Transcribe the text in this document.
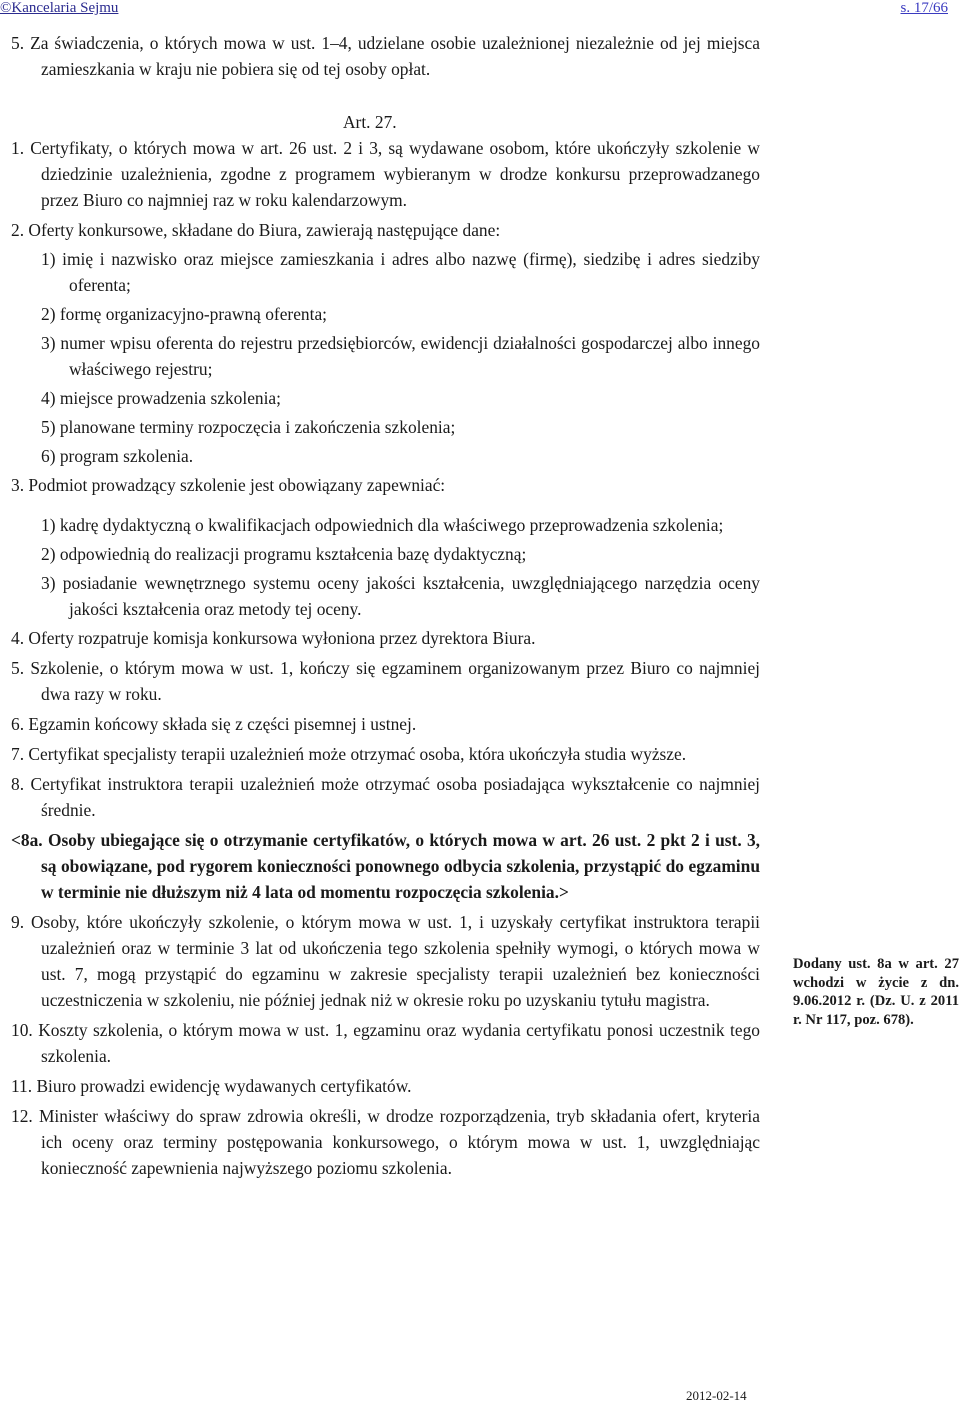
©Kancelaria Sejmu	s. 17/66
5. Za świadczenia, o których mowa w ust. 1–4, udzielane osobie uzależnionej niezależnie od jej miejsca zamieszkania w kraju nie pobiera się od tej osoby opłat.
Art. 27.
1. Certyfikaty, o których mowa w art. 26 ust. 2 i 3, są wydawane osobom, które ukończyły szkolenie w dziedzinie uzależnienia, zgodne z programem wybieranym w drodze konkursu przeprowadzanego przez Biuro co najmniej raz w roku kalendarzowym.
2. Oferty konkursowe, składane do Biura, zawierają następujące dane:
1) imię i nazwisko oraz miejsce zamieszkania i adres albo nazwę (firmę), siedzibę i adres siedziby oferenta;
2) formę organizacyjno-prawną oferenta;
3) numer wpisu oferenta do rejestru przedsiębiorców, ewidencji działalności gospodarczej albo innego właściwego rejestru;
4) miejsce prowadzenia szkolenia;
5) planowane terminy rozpoczęcia i zakończenia szkolenia;
6) program szkolenia.
3. Podmiot prowadzący szkolenie jest obowiązany zapewniać:
1) kadrę dydaktyczną o kwalifikacjach odpowiednich dla właściwego przeprowadzenia szkolenia;
2) odpowiednią do realizacji programu kształcenia bazę dydaktyczną;
3) posiadanie wewnętrznego systemu oceny jakości kształcenia, uwzględniającego narzędzia oceny jakości kształcenia oraz metody tej oceny.
4. Oferty rozpatruje komisja konkursowa wyłoniona przez dyrektora Biura.
5. Szkolenie, o którym mowa w ust. 1, kończy się egzaminem organizowanym przez Biuro co najmniej dwa razy w roku.
6. Egzamin końcowy składa się z części pisemnej i ustnej.
7. Certyfikat specjalisty terapii uzależnień może otrzymać osoba, która ukończyła studia wyższe.
8. Certyfikat instruktora terapii uzależnień może otrzymać osoba posiadająca wykształcenie co najmniej średnie.
<8a. Osoby ubiegające się o otrzymanie certyfikatów, o których mowa w art. 26 ust. 2 pkt 2 i ust. 3, są obowiązane, pod rygorem konieczności ponownego odbycia szkolenia, przystąpić do egzaminu w terminie nie dłuższym niż 4 lata od momentu rozpoczęcia szkolenia.>
9. Osoby, które ukończyły szkolenie, o którym mowa w ust. 1, i uzyskały certyfikat instruktora terapii uzależnień oraz w terminie 3 lat od ukończenia tego szkolenia spełniły wymogi, o których mowa w ust. 7, mogą przystąpić do egzaminu w zakresie specjalisty terapii uzależnień bez konieczności uczestniczenia w szkoleniu, nie później jednak niż w okresie roku po uzyskaniu tytułu magistra.
10. Koszty szkolenia, o którym mowa w ust. 1, egzaminu oraz wydania certyfikatu ponosi uczestnik tego szkolenia.
11. Biuro prowadzi ewidencję wydawanych certyfikatów.
12. Minister właściwy do spraw zdrowia określi, w drodze rozporządzenia, tryb składania ofert, kryteria ich oceny oraz terminy postępowania konkursowego, o którym mowa w ust. 1, uwzględniając konieczność zapewnienia najwyższego poziomu szkolenia.
Dodany ust. 8a w art. 27 wchodzi w życie z dn. 9.06.2012 r. (Dz. U. z 2011 r. Nr 117, poz. 678).
2012-02-14
